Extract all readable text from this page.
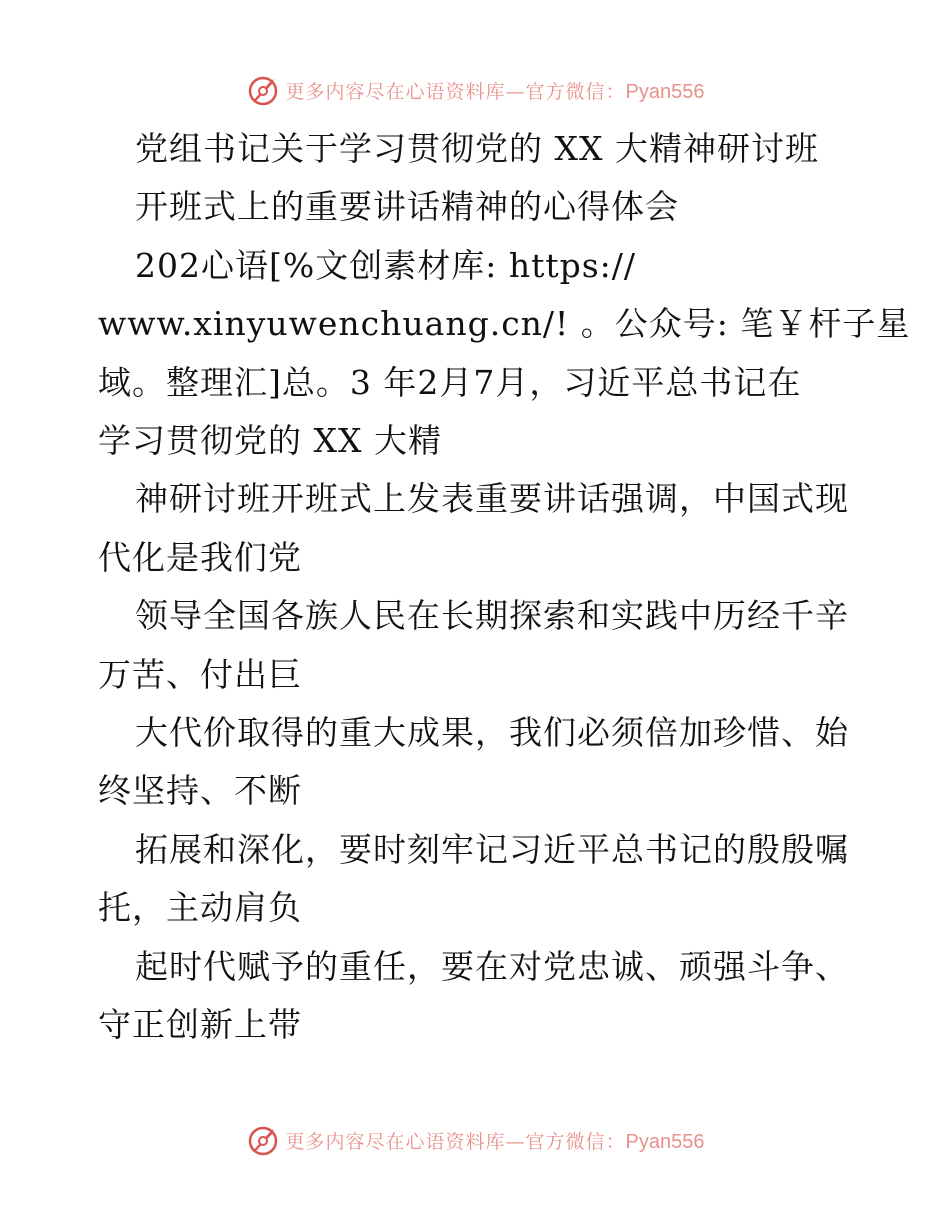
更多内容尽在心语资料库—官方微信：Pyan556
党组书记关于学习贯彻党的 XX 大精神研讨班
开班式上的重要讲话精神的心得体会
202心语[%文创素材库: https://
www.xinyuwenchuang.cn/! 。公众号: 笔￥杆子星
域。整理汇]总。3 年2月7月，习近平总书记在
学习贯彻党的 XX 大精
神研讨班开班式上发表重要讲话强调，中国式现
代化是我们党
领导全国各族人民在长期探索和实践中历经千辛
万苦、付出巨
大代价取得的重大成果，我们必须倍加珍惜、始
终坚持、不断
拓展和深化，要时刻牢记习近平总书记的殷殷嘱
托，主动肩负
起时代赋予的重任，要在对党忠诚、顽强斗争、
守正创新上带
更多内容尽在心语资料库—官方微信：Pyan556
